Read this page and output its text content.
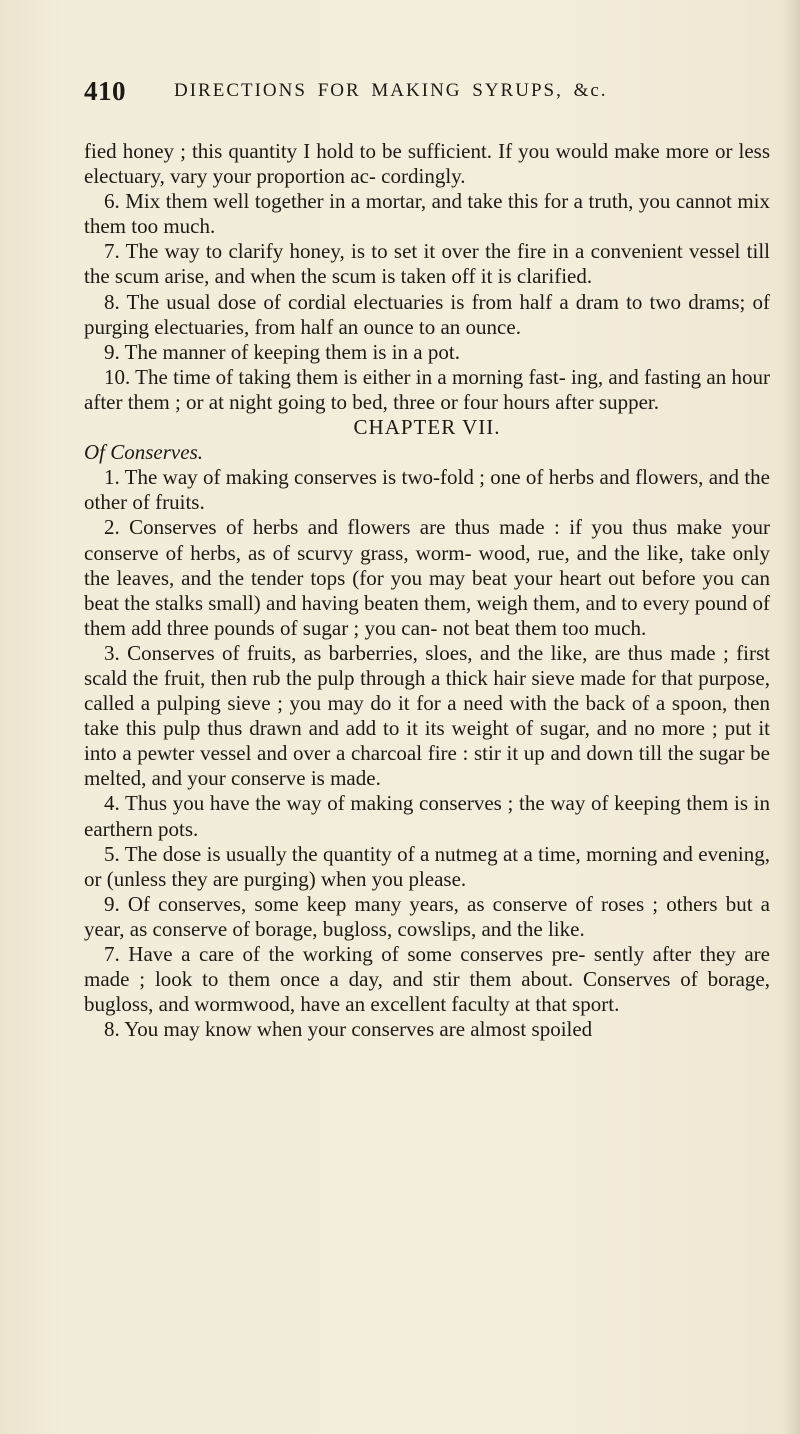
410	DIRECTIONS FOR MAKING SYRUPS, &c.

fied honey ; this quantity I hold to be sufficient. If you would make more or less electuary, vary your proportion ac- cordingly.

6. Mix them well together in a mortar, and take this for a truth, you cannot mix them too much.

7. The way to clarify honey, is to set it over the fire in a convenient vessel till the scum arise, and when the scum is taken off it is clarified.

8. The usual dose of cordial electuaries is from half a dram to two drams; of purging electuaries, from half an ounce to an ounce.

9. The manner of keeping them is in a pot.

10. The time of taking them is either in a morning fast- ing, and fasting an hour after them ; or at night going to bed, three or four hours after supper.

CHAPTER VII.

Of Conserves.

1. The way of making conserves is two-fold ; one of herbs and flowers, and the other of fruits.

2. Conserves of herbs and flowers are thus made : if you thus make your conserve of herbs, as of scurvy grass, worm- wood, rue, and the like, take only the leaves, and the tender tops (for you may beat your heart out before you can beat the stalks small) and having beaten them, weigh them, and to every pound of them add three pounds of sugar ; you can- not beat them too much.

3. Conserves of fruits, as barberries, sloes, and the like, are thus made ; first scald the fruit, then rub the pulp through a thick hair sieve made for that purpose, called a pulping sieve ; you may do it for a need with the back of a spoon, then take this pulp thus drawn and add to it its weight of sugar, and no more ; put it into a pewter vessel and over a charcoal fire : stir it up and down till the sugar be melted, and your conserve is made.

4. Thus you have the way of making conserves ; the way of keeping them is in earthern pots.

5. The dose is usually the quantity of a nutmeg at a time, morning and evening, or (unless they are purging) when you please.

9. Of conserves, some keep many years, as conserve of roses ; others but a year, as conserve of borage, bugloss, cowslips, and the like.

7. Have a care of the working of some conserves pre- sently after they are made ; look to them once a day, and stir them about. Conserves of borage, bugloss, and wormwood, have an excellent faculty at that sport.

8. You may know when your conserves are almost spoiled
